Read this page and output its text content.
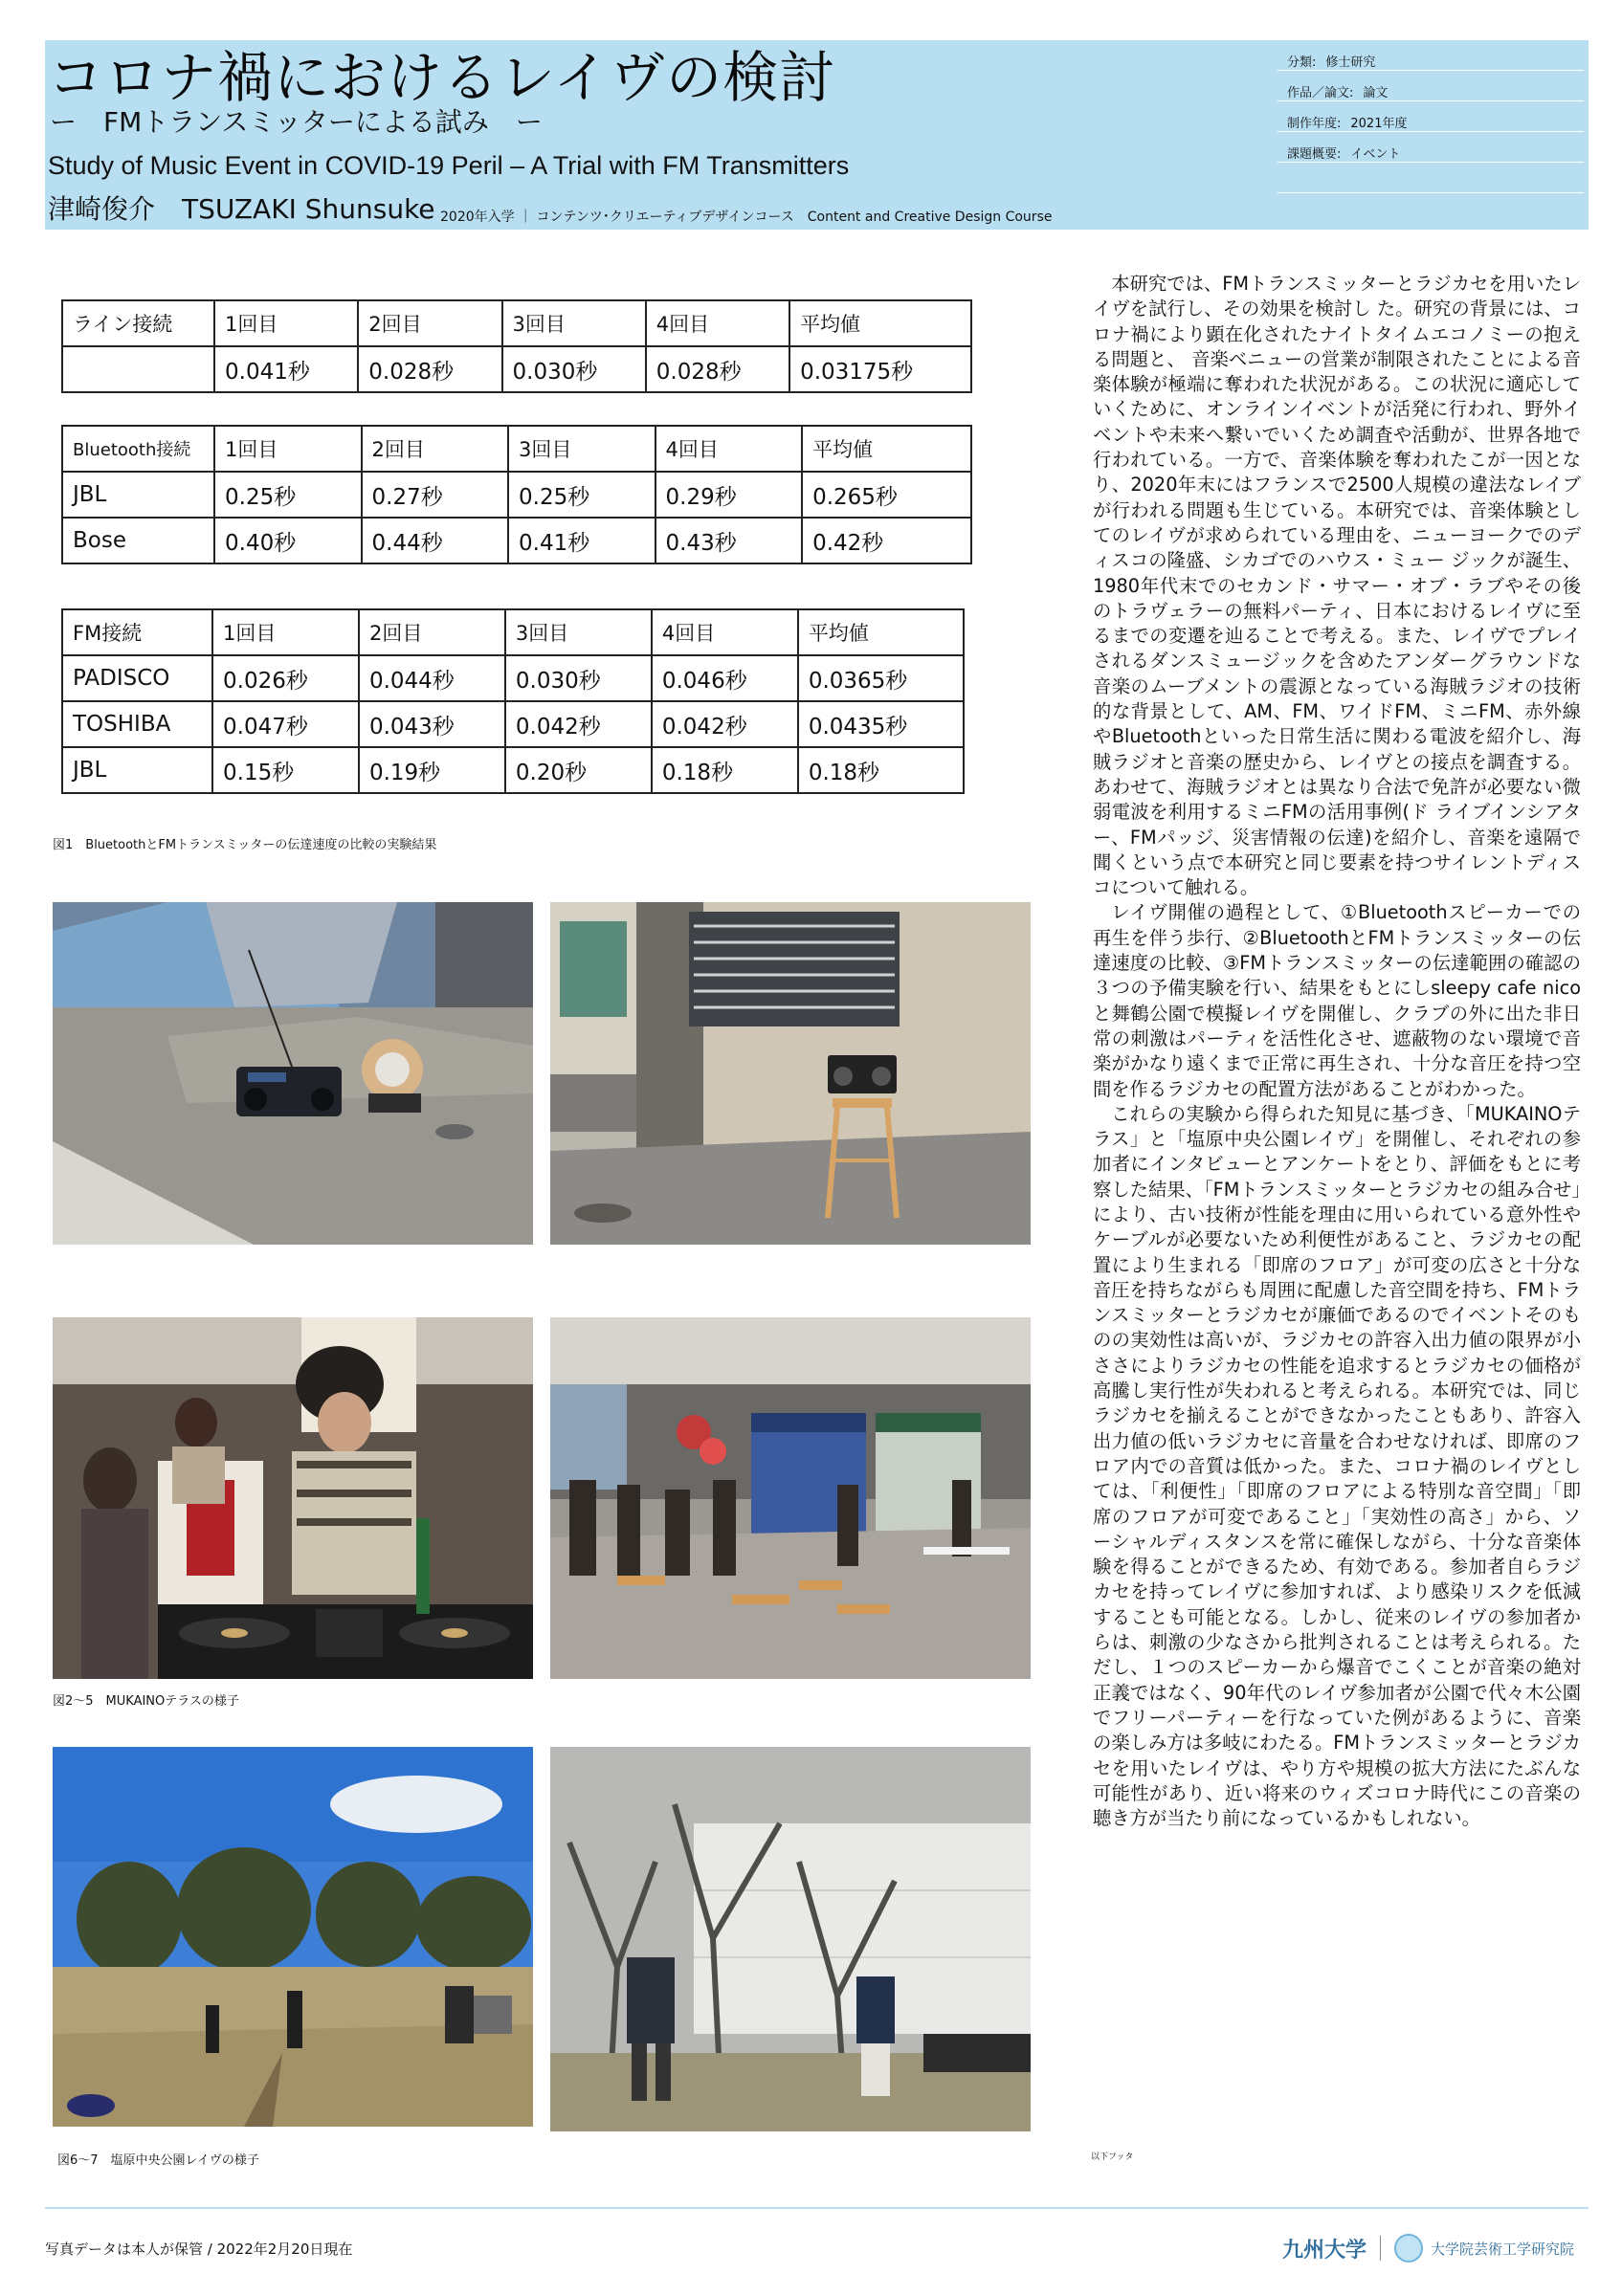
コロナ禍におけるレイヴの検討
ー　FMトランスミッターによる試み　ー
Study of Music Event in COVID-19 Peril – A Trial with FM Transmitters
津崎俊介　TSUZAKI Shunsuke 2020年入学 ｜ コンテンツ･クリエーティブデザインコース　Content and Creative Design Course
分類: 修士研究
作品／論文: 論文
制作年度: 2021年度
課題概要: イベント
ライン接続	1回目	2回目	3回目	4回目	平均値
	0.041秒	0.028秒	0.030秒	0.028秒	0.03175秒
Bluetooth接続	1回目	2回目	3回目	4回目	平均値
JBL	0.25秒	0.27秒	0.25秒	0.29秒	0.265秒
Bose	0.40秒	0.44秒	0.41秒	0.43秒	0.42秒
FM接続	1回目	2回目	3回目	4回目	平均値
PADISCO	0.026秒	0.044秒	0.030秒	0.046秒	0.0365秒
TOSHIBA	0.047秒	0.043秒	0.042秒	0.042秒	0.0435秒
JBL	0.15秒	0.19秒	0.20秒	0.18秒	0.18秒
図1　BluetoothとFMトランスミッターの伝達速度の比較の実験結果
図2～5　MUKAINOテラスの様子
図6～7　塩原中央公園レイヴの様子

本研究では、FMトランスミッターとラジカセを用いたレイヴを試行し、その効果を検討し た。研究の背景には、コロナ禍により顕在化されたナイトタイムエコノミーの抱える問題と、 音楽ベニューの営業が制限されたことによる音楽体験が極端に奪われた状況がある。この状況に適応していくために、オンラインイベントが活発に行われ、野外イベントや未来へ繋いでいくため調査や活動が、世界各地で行われている。一方で、音楽体験を奪われたこが一因となり、2020年末にはフランスで2500人規模の違法なレイブが行われる問題も生じている。本研究では、音楽体験としてのレイヴが求められている理由を、ニューヨークでのディスコの隆盛、シカゴでのハウス・ミュー ジックが誕生、1980年代末でのセカンド・サマー・オブ・ラブやその後のトラヴェラーの無料パーティ、日本におけるレイヴに至るまでの変遷を辿ることで考える。また、レイヴでプレイされるダンスミュージックを含めたアンダーグラウンドな音楽のムーブメントの震源となっている海賊ラジオの技術的な背景として、AM、FM、ワイドFM、ミニFM、赤外線やBluetoothといった日常生活に関わる電波を紹介し、海賊ラジオと音楽の歴史から、レイヴとの接点を調査する。あわせて、海賊ラジオとは異なり合法で免許が必要ない微弱電波を利用するミニFMの活用事例(ド ライブインシアター、FMパッジ、災害情報の伝達)を紹介し、音楽を遠隔で聞くという点で本研究と同じ要素を持つサイレントディスコについて触れる。

レイヴ開催の過程として、①Bluetoothスピーカーでの再生を伴う歩行、②BluetoothとFMトランスミッターの伝達速度の比較、③FMトランスミッターの伝達範囲の確認の３つの予備実験を行い、結果をもとにしsleepy cafe nicoと舞鶴公園で模擬レイヴを開催し、クラブの外に出た非日常の刺激はパーティを活性化させ、遮蔽物のない環境で音楽がかなり遠くまで正常に再生され、十分な音圧を持つ空間を作るラジカセの配置方法があることがわかった。

これらの実験から得られた知見に基づき、「MUKAINOテラス」と「塩原中央公園レイヴ」を開催し、それぞれの参加者にインタビューとアンケートをとり、評価をもとに考察した結果、「FMトランスミッターとラジカセの組み合せ」により、古い技術が性能を理由に用いられている意外性やケーブルが必要ないため利便性があること、ラジカセの配置により生まれる「即席のフロア」が可変の広さと十分な音圧を持ちながらも周囲に配慮した音空間を持ち、FMトランスミッターとラジカセが廉価であるのでイベントそのものの実効性は高いが、ラジカセの許容入出力値の限界が小ささによりラジカセの性能を追求するとラジカセの価格が高騰し実行性が失われると考えられる。本研究では、同じラジカセを揃えることができなかったこともあり、許容入出力値の低いラジカセに音量を合わせなければ、即席のフロア内での音質は低かった。また、コロナ禍のレイヴとしては、「利便性」「即席のフロアによる特別な音空間」「即席のフロアが可変であること」「実効性の高さ」から、ソーシャルディスタンスを常に確保しながら、十分な音楽体験を得ることができるため、有効である。参加者自らラジカセを持ってレイヴに参加すれば、より感染リスクを低減することも可能となる。しかし、従来のレイヴの参加者からは、刺激の少なさから批判されることは考えられる。ただし、１つのスピーカーから爆音でこくことが音楽の絶対正義ではなく、90年代のレイヴ参加者が公園で代々木公園でフリーパーティーを行なっていた例があるように、音楽の楽しみ方は多岐にわたる。FMトランスミッターとラジカセを用いたレイヴは、やり方や規模の拡大方法にたぶんな可能性があり、近い将来のウィズコロナ時代にこの音楽の聴き方が当たり前になっているかもしれない。

以下フッタ
写真データは本人が保管 / 2022年2月20日現在	九州大学	大学院芸術工学研究院
